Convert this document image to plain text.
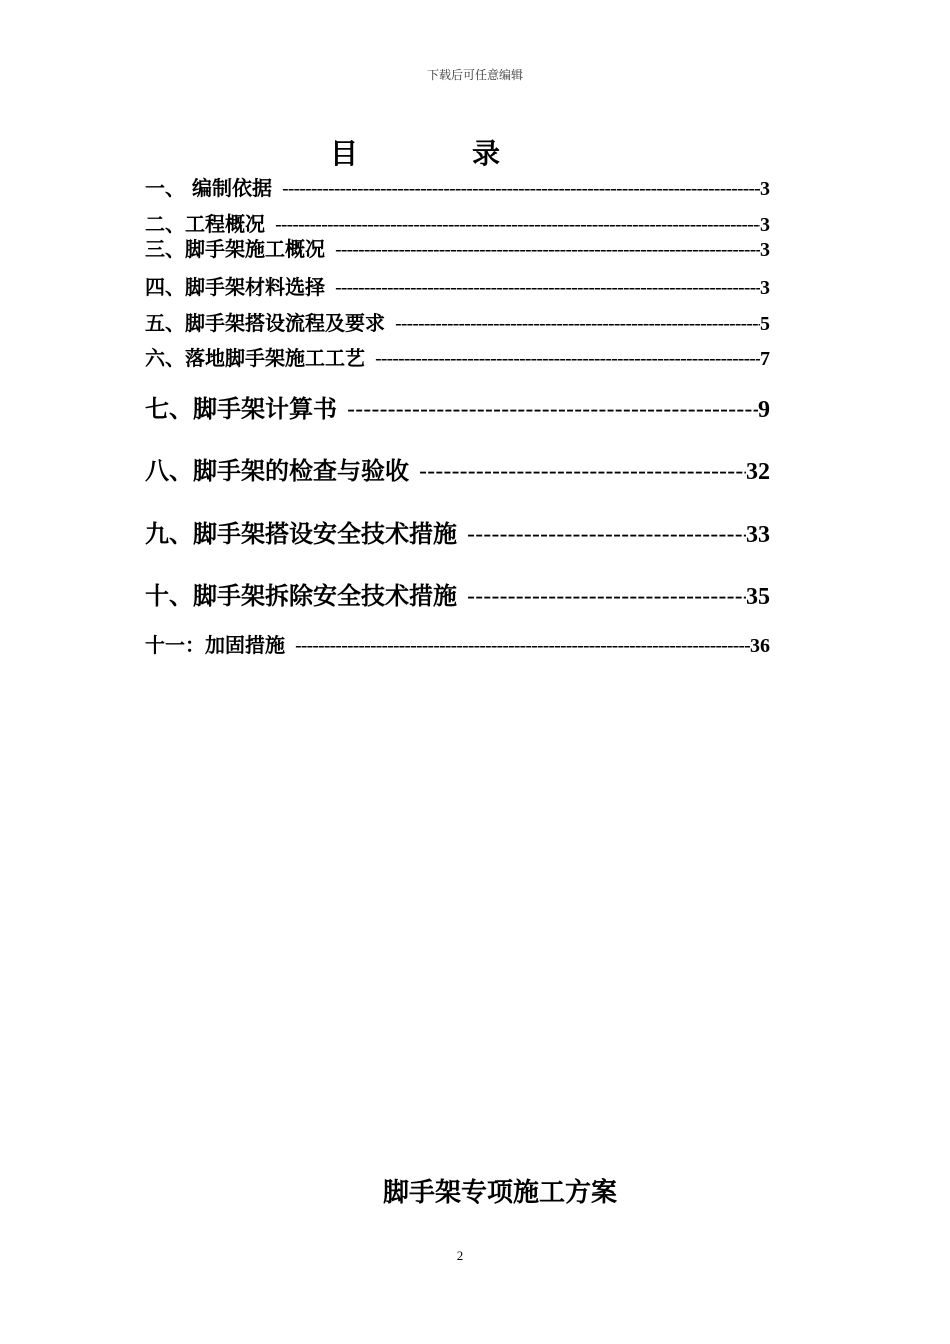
下载后可任意编辑
目	录
一、 编制依据 -----	3
二、工程概况 -----	3
三、脚手架施工概况 -----	3
四、脚手架材料选择 -----	3
五、脚手架搭设流程及要求 -----	5
六、落地脚手架施工工艺 -----	7
七、脚手架计算书 -----	9
八、脚手架的检查与验收 -----	32
九、脚手架搭设安全技术措施 -----	33
十、脚手架拆除安全技术措施 -----	35
十一：加固措施 -----	36
脚手架专项施工方案
2
